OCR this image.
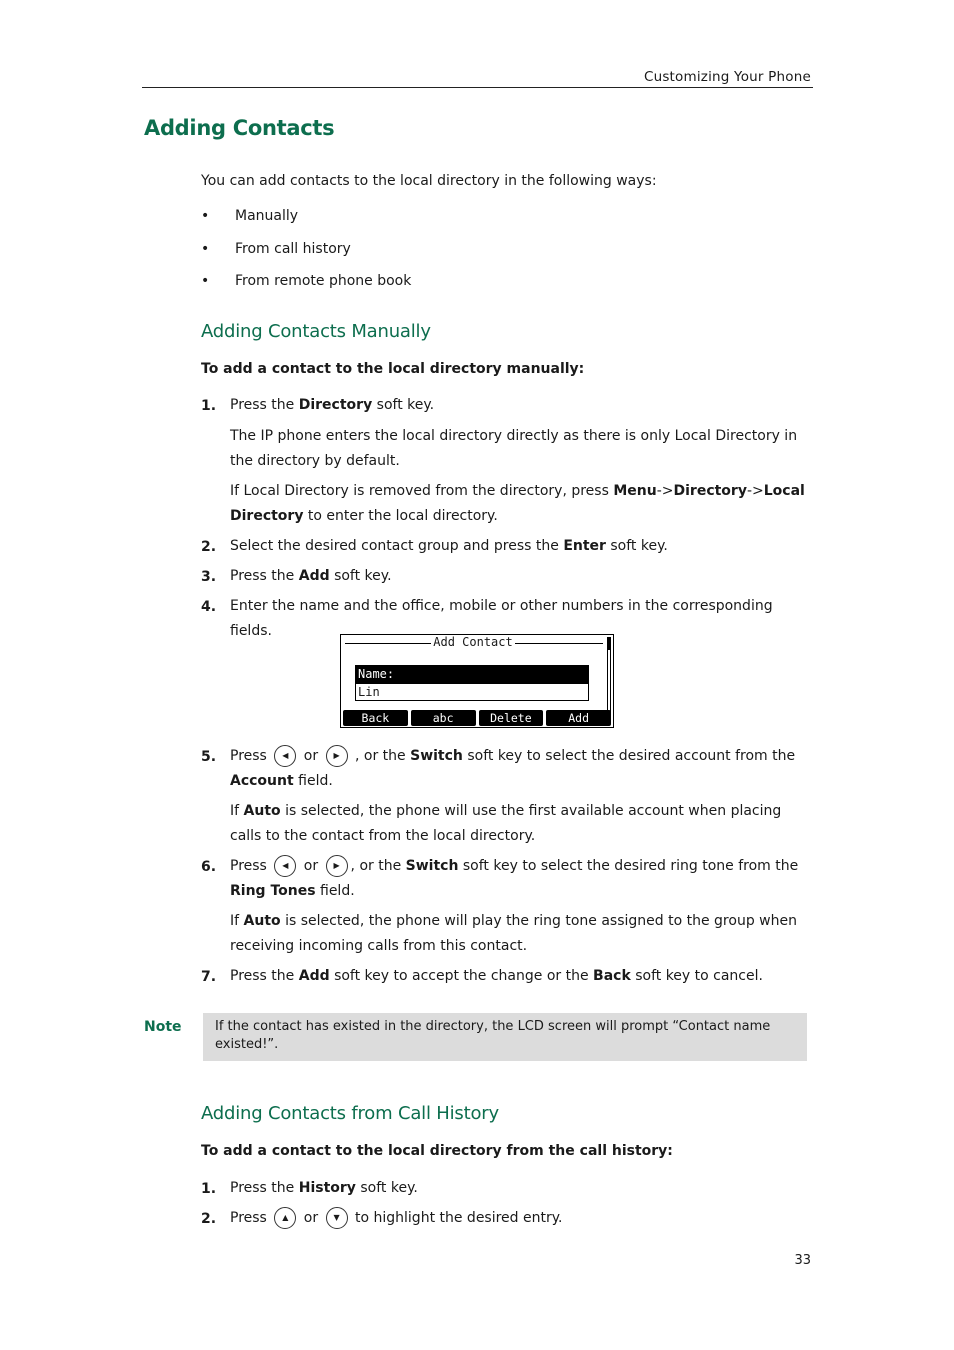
Customizing Your Phone
Adding Contacts
You can add contacts to the local directory in the following ways:
• Manually
• From call history
• From remote phone book
Adding Contacts Manually
To add a contact to the local directory manually:
1. Press the Directory soft key.
The IP phone enters the local directory directly as there is only Local Directory in the directory by default.
If Local Directory is removed from the directory, press Menu->Directory->Local Directory to enter the local directory.
2. Select the desired contact group and press the Enter soft key.
3. Press the Add soft key.
4. Enter the name and the office, mobile or other numbers in the corresponding fields.
Add Contact
Name:
Lin
Back	abc	Delete	Add
5. Press	◀	or	▶ , or the Switch soft key to select the desired account from the Account field.
If Auto is selected, the phone will use the first available account when placing calls to the contact from the local directory.
6. Press	◀	or	▶ , or the Switch soft key to select the desired ring tone from the Ring Tones field.
If Auto is selected, the phone will play the ring tone assigned to the group when receiving incoming calls from this contact.
7. Press the Add soft key to accept the change or the Back soft key to cancel.
Note	If the contact has existed in the directory, the LCD screen will prompt “Contact name existed!”.
Adding Contacts from Call History
To add a contact to the local directory from the call history:
1. Press the History soft key.
2. Press	▲	or	▼ to highlight the desired entry.
33
